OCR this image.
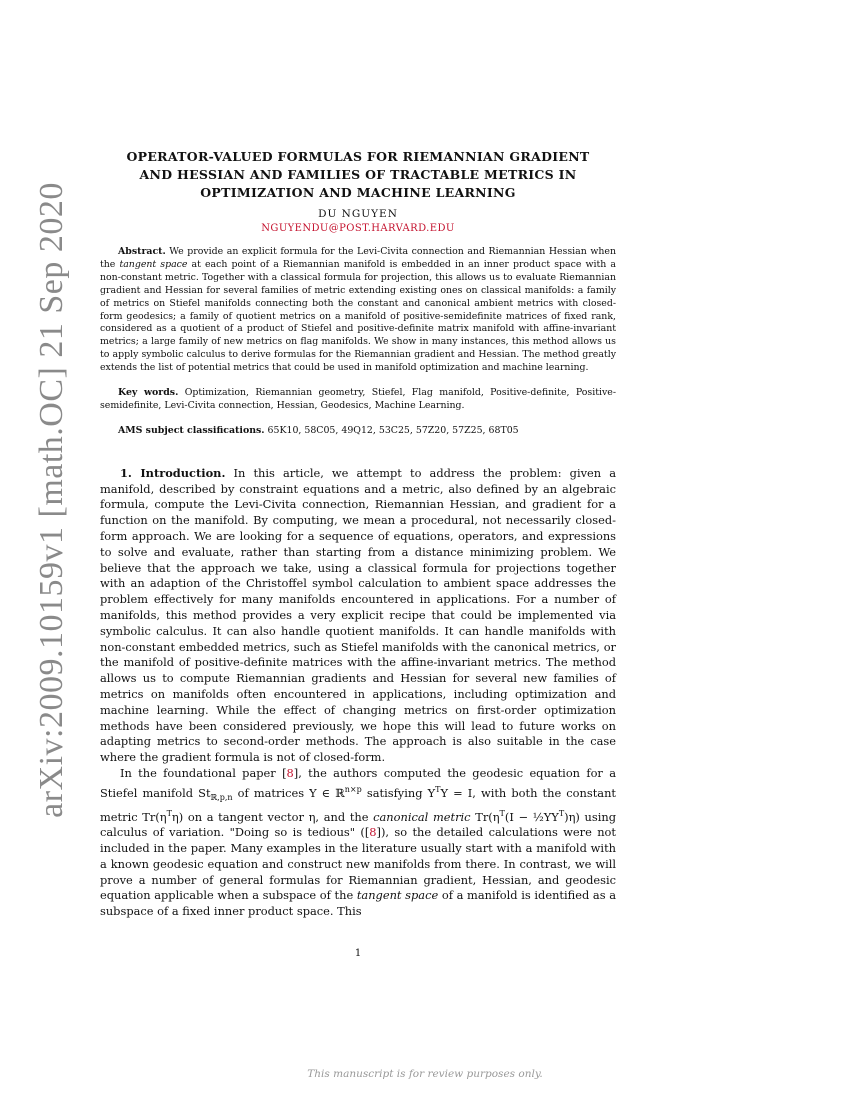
arXiv:2009.10159v1 [math.OC] 21 Sep 2020
OPERATOR-VALUED FORMULAS FOR RIEMANNIAN GRADIENT
AND HESSIAN AND FAMILIES OF TRACTABLE METRICS IN
OPTIMIZATION AND MACHINE LEARNING
DU NGUYEN
NGUYENDU@POST.HARVARD.EDU
Abstract. We provide an explicit formula for the Levi-Civita connection and Riemannian Hessian when the tangent space at each point of a Riemannian manifold is embedded in an inner product space with a non-constant metric. Together with a classical formula for projection, this allows us to evaluate Riemannian gradient and Hessian for several families of metric extending existing ones on classical manifolds: a family of metrics on Stiefel manifolds connecting both the constant and canonical ambient metrics with closed-form geodesics; a family of quotient metrics on a manifold of positive-semidefinite matrices of fixed rank, considered as a quotient of a product of Stiefel and positive-definite matrix manifold with affine-invariant metrics; a large family of new metrics on flag manifolds. We show in many instances, this method allows us to apply symbolic calculus to derive formulas for the Riemannian gradient and Hessian. The method greatly extends the list of potential metrics that could be used in manifold optimization and machine learning.
Key words. Optimization, Riemannian geometry, Stiefel, Flag manifold, Positive-definite, Positive-semidefinite, Levi-Civita connection, Hessian, Geodesics, Machine Learning.
AMS subject classifications. 65K10, 58C05, 49Q12, 53C25, 57Z20, 57Z25, 68T05

1. Introduction. In this article, we attempt to address the problem: given a manifold, described by constraint equations and a metric, also defined by an algebraic formula, compute the Levi-Civita connection, Riemannian Hessian, and gradient for a function on the manifold. By computing, we mean a procedural, not necessarily closed-form approach. We are looking for a sequence of equations, operators, and expressions to solve and evaluate, rather than starting from a distance minimizing problem. We believe that the approach we take, using a classical formula for projections together with an adaption of the Christoffel symbol calculation to ambient space addresses the problem effectively for many manifolds encountered in applications. For a number of manifolds, this method provides a very explicit recipe that could be implemented via symbolic calculus. It can also handle quotient manifolds. It can handle manifolds with non-constant embedded metrics, such as Stiefel manifolds with the canonical metrics, or the manifold of positive-definite matrices with the affine-invariant metrics. The method allows us to compute Riemannian gradients and Hessian for several new families of metrics on manifolds often encountered in applications, including optimization and machine learning. While the effect of changing metrics on first-order optimization methods have been considered previously, we hope this will lead to future works on adapting metrics to second-order methods. The approach is also suitable in the case where the gradient formula is not of closed-form.

In the foundational paper [8], the authors computed the geodesic equation for a Stiefel manifold $St_{ℝ,p,n}$ of matrices Y ∈ ℝ$^{n\times p}$ satisfying $Y^TY = I$, with both the constant metric $Tr(\eta^T\eta)$ on a tangent vector η, and the canonical metric $Tr(\eta^T(I$ − $\frac{1}{2}YY^T)\eta$) using calculus of variation. "Doing so is tedious" ([8]), so the detailed calculations were not included in the paper. Many examples in the literature usually start with a manifold with a known geodesic equation and construct new manifolds from there. In contrast, we will prove a number of general formulas for Riemannian gradient, Hessian, and geodesic equation applicable when a subspace of the tangent space of a manifold is identified as a subspace of a fixed inner product space. This

1
This manuscript is for review purposes only.
